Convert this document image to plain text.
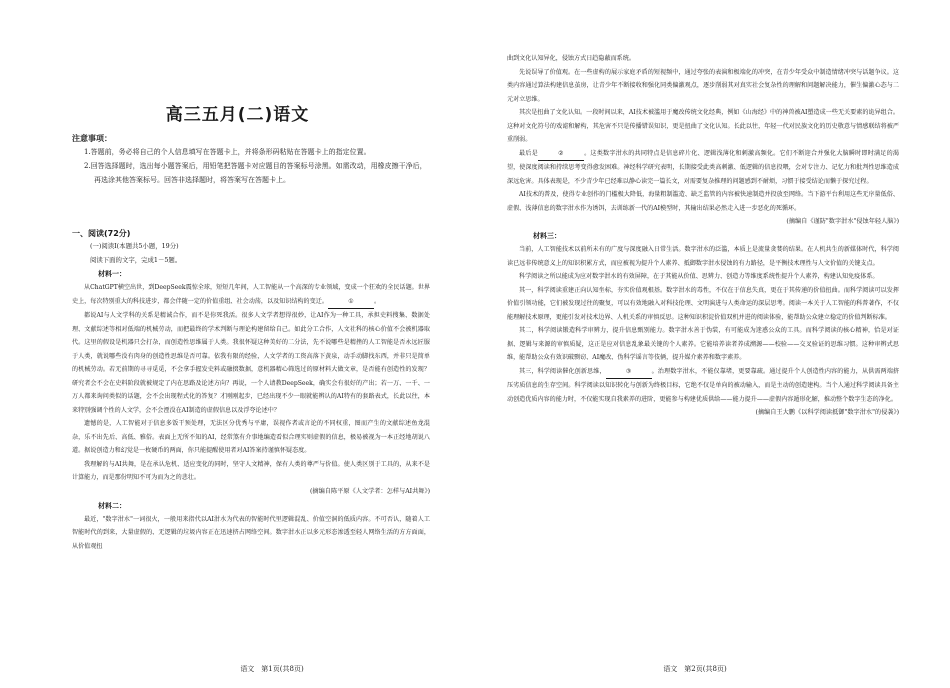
高三五月(二)语文

注意事项：

1.答题前，务必将自己的个人信息填写在答题卡上，并将条形码粘贴在答题卡上的指定位置。

2.回答选择题时，选出每小题答案后，用铅笔把答题卡对应题目的答案标号涂黑。如需改动，用橡皮擦干净后，再选涂其他答案标号。回答非选择题时，将答案写在答题卡上。

一、阅读(72分)

(一)阅读Ⅰ(本题共5小题，19分)

阅读下面的文字，完成1－5题。

材料一：

从ChatGPT横空出世，到DeepSeek震惊全球，短短几年间，人工智能从一个高深的专业领域，变成一个狂欢的全民话题。世界史上，每次特别重大的科技进步，都会伴随一定的价值重组、社会动荡，以及知识结构的变迁。	①	。

都说AI与人文学科的关系是精诚合作，而不是你死我活。很多人文学者想得很妙，让AI作为一种工具，承担史料搜集、数据处理、文献综述等相对低端的机械劳动，而把最终的学术判断与理论构建留给自己。如此分工合作，人文社科的核心价值不会被机器取代。这里的假设是机器只会打杂，而创造性思维属于人类。我很怀疑这种美好的二分法，先不说哪些是精挫的人工智能是否永远匠服于人类，就说哪些没有肉身的创造性思维是否可靠。依我有限的经验，人文学者的工资高落下黄泉，动手动脚找东西，并非只是简单的机械劳动。若无前期的寻寻觅觅，不会拿手握发史料或融掇数据，意机器精心筛选过的原材料大做文章，是否能有创造性的发现？研究者会不会在史料阶段就被规定了内在思路及论述方向？再说，一个人请教DeepSeek，确实会有很好的产出；若一万、一千、一万人都来询问类似的话题，会不会出现程式化的答复？才刚刚起步，已经出现不少一眼就能辨认的AI特有的套路表式，长此以往，本来特别强调个性的人文学，会不会湮没在AI制造的虚假信息以及浮夸论述中？

遗憾的是，人工智能对于信息多饭干预处理，无法区分优秀与平庸，误视作者或言论的不同权重，图而产生的文献综述鱼龙混杂，乐不出先后、高低、雅俗。表面上无所不知的AI，经常煞有介事地编造看似合理实则虚假的信息，极易被视为一本正经地胡说八道。据说创造力和幻觉是一枚硬币的两面，你只能提醒使用者对AI答案持谨慎怀疑态度。

我理解的与AI共舞，是在承认危机、适应变化的同时，坚守人文精神，保有人类的尊严与价值。使人类区别于工具的，从来不是计算能力，而是那份明知不可为而为之的悲壮。

(摘编自陈平原《人文学者：怎样与AI共舞》)

材料二：

最近，"数字泔水"一词很火，一般用来指代以AI泔水为代表的智能时代里逻辑混乱、价值空洞的低质内容。不可否认，随着人工智能时代的到来，大量虚假的、无逻辑的垃圾内容正在迅速挤占网络空间。数字泔水正以多元形态渗透至轻人网络生活的方方面面，从价值观扭

语文　第1页(共8页)

曲到文化认知异化，侵蚀方式日趋隐蔽而系统。

先说误导了价值观。在一些虚构的展示家庭矛盾的短视频中，通过夸张的表演和极端化的冲突，在青少年受众中制造情绪冲突与话题争议。这类内容通过算法构建信息茧房，让青少年不断接收和强化同类偏激观点，逐步削弱其对真实社会复杂性的理解和问题解决能力，催生偏激心态与二元对立思维。

其次是扭曲了文化认知。一段时间以来，AI技术被滥用于魔改传统文化经典，例如《山海经》中的神兽被AI塑造成一些无关要素的诡异组合。这种对文化符号的戏谑和解构，其危害不只是传播错误知识，更是扭曲了文化认知。长此以往，年轻一代对民族文化的历史敬意与情感联结将被严重削弱。

最后是	②	。这类数字泔水的共同特点是信息碎片化、逻辑浅薄化和刺激高频化。它们不断迎合并强化大脑瞬时即时满足的渴望，使深度阅读和持续思考变得愈发困难。神经科学研究表明，长期接受此类高刺激、低逻辑的信息投喂，会对专注力、记忆力和批判性思维造成深远危害。具体表现是，不少青少年已经难以静心读完一篇长文，对需要复杂推理的问题感到不耐烦，习惯于接受结论而懒于探究过程。

AI技术的普及，使得专业创作的门槛极大降低，海量粗制滥造、缺乏监管的内容被快速制造并投放至网络。当下游平台利用这些无序量低俗、虚假、浅薄信息的数字泔水作为诱饵，去训练新一代的AI模型时，其输出结果必然走入进一步恶化的死循环。

(摘编自《谨防"数字泔水"侵蚀年轻人脑》)

材料三：

当前，人工智能技术以前所未有的广度与深度融入日常生活。数字泔水的泛滥，本质上是流量贪婪的结果。在人机共生的新媒体时代，科学阅读已远非传统意义上的知识积累方式，而应被视为提升个人素养、抵御数字泔水侵蚀的有力路径，是平衡技术理性与人文价值的关键支点。

科学阅读之所以能成为应对数字泔水的有效屏障，在于其能从价值、思辨力、创造力等维度系统性提升个人素养，构建认知免疫体系。

其一，科学阅读重建正向认知坐标，夯实价值观根基。数字泔水的毒性，不仅在于信息失真，更在于其传递的价值扭曲。而科学阅读可以发挥价值引领功能，它们被发现过往的聚复，可以有效地融入对科技伦理、文明演进与人类命运的深层思考。阅读一本关于人工智能的科普著作，不仅能理解技术原理，更能引发对技术边界、人机关系的审慎反思。这种知识积淀价值双机并进的阅读体验，能帮助公众建立稳定的价值判断标准。

其二，科学阅读锻造科学审辨力，提升信息甄别能力。数字泔水善于伪装，有可能成为迷惑公众的工具。而科学阅读的核心精神，恰是对证据、逻辑与来源的审慎质疑，这正是应对信息乱象最关键的个人素养。它能培养读者养成溯源——校验——交叉验证的思维习惯。这种审辨式思维，能帮助公众有效识破剽窃、AI魔改、伪科学谣言等伎俩，提升媒介素养和数字素养。

其三，科学阅读催化创新思维，	③	。治理数字泔水，不能仅靠堵，更要靠疏。通过提升个人创造性内容的能力，从供需两端挤压劣质信息的生存空间。科学阅读以知识转化与创新为终极目标，它绝不仅是单向的被动输入，而是主动的创造建构。当个人通过科学阅读具备主动创造优质内容的能力时，不仅能实现自我素养的进阶，更能参与构建优质供给——能力提升——虚假内容遁形化解，推动整个数字生态的净化。

(摘编自王大鹏《以科学阅读抵御"数字泔水"的侵袭》)

语文　第2页(共8页)
